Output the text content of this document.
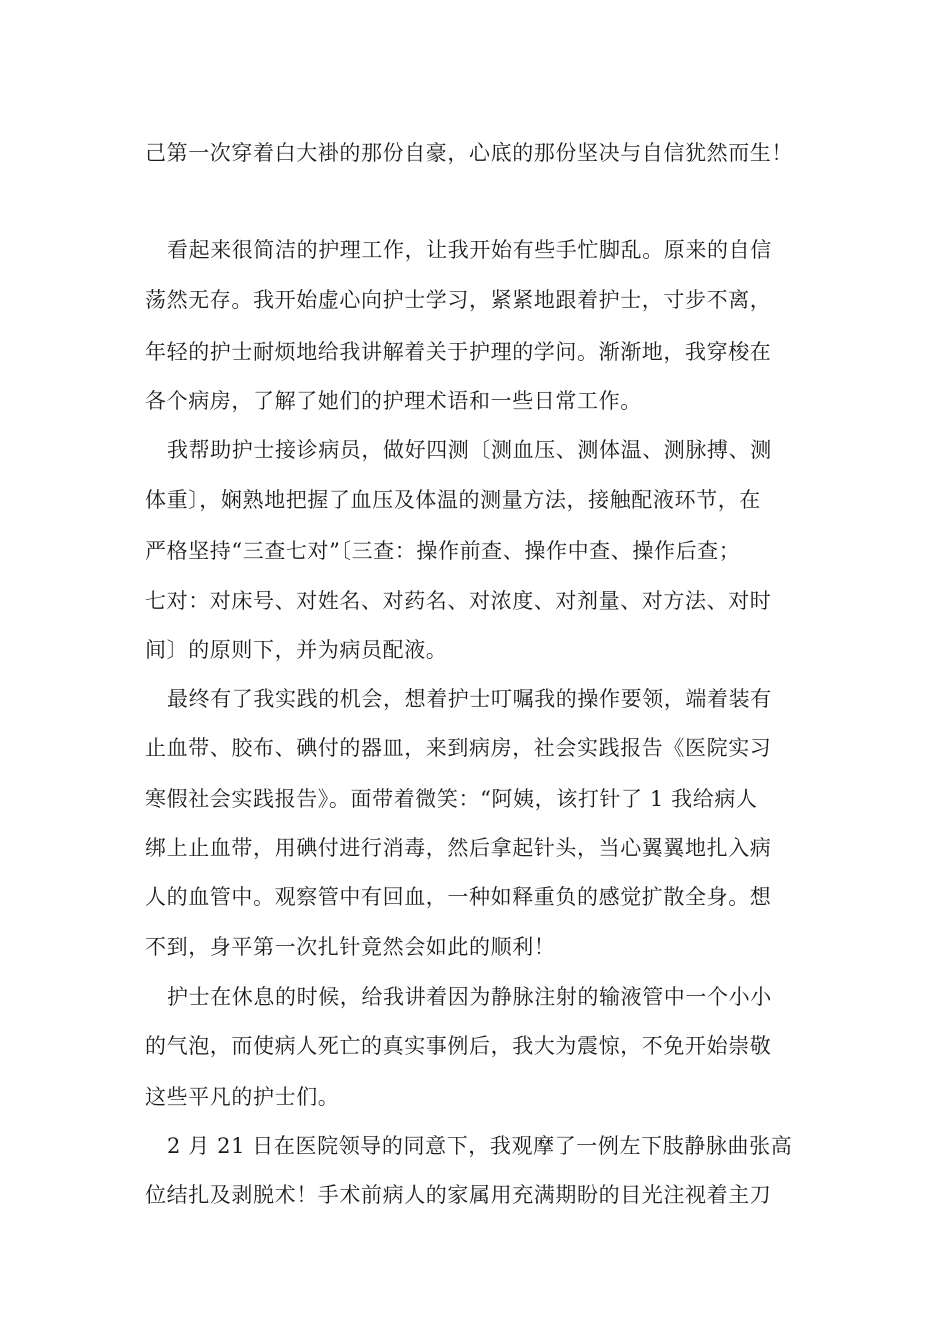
己第一次穿着白大褂的那份自豪，心底的那份坚决与自信犹然而生！
看起来很简洁的护理工作，让我开始有些手忙脚乱。原来的自信
荡然无存。我开始虚心向护士学习，紧紧地跟着护士，寸步不离，
年轻的护士耐烦地给我讲解着关于护理的学问。渐渐地，我穿梭在
各个病房，了解了她们的护理术语和一些日常工作。
我帮助护士接诊病员，做好四测〔测血压、测体温、测脉搏、测
体重〕，娴熟地把握了血压及体温的测量方法，接触配液环节，在
严格坚持“三查七对”〔三查：操作前查、操作中查、操作后查；
七对：对床号、对姓名、对药名、对浓度、对剂量、对方法、对时
间〕的原则下，并为病员配液。
最终有了我实践的机会，想着护士叮嘱我的操作要领，端着装有
止血带、胶布、碘付的器皿，来到病房，社会实践报告《医院实习
寒假社会实践报告》。面带着微笑：“阿姨，该打针了 1 我给病人
绑上止血带，用碘付进行消毒，然后拿起针头，当心翼翼地扎入病
人的血管中。观察管中有回血，一种如释重负的感觉扩散全身。想
不到，身平第一次扎针竟然会如此的顺利！
护士在休息的时候，给我讲着因为静脉注射的输液管中一个小小
的气泡，而使病人死亡的真实事例后，我大为震惊，不免开始崇敬
这些平凡的护士们。
2 月 21 日在医院领导的同意下，我观摩了一例左下肢静脉曲张高
位结扎及剥脱术！手术前病人的家属用充满期盼的目光注视着主刀
